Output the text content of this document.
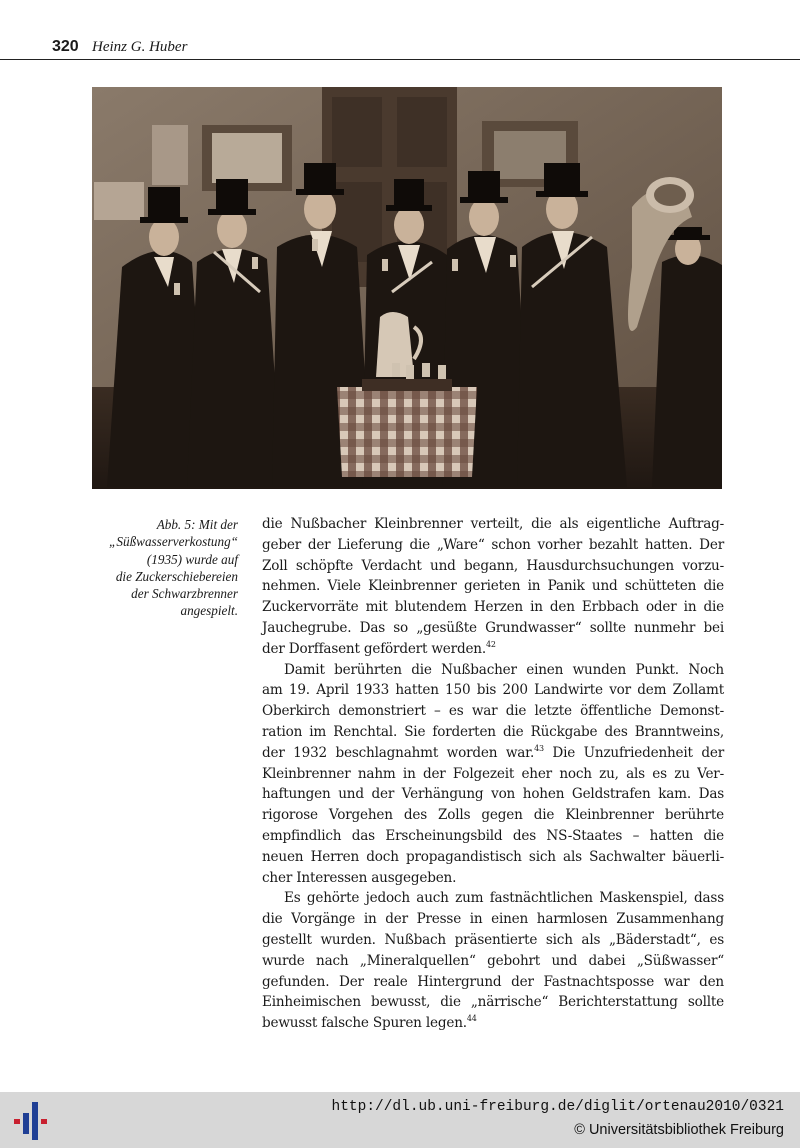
320 Heinz G. Huber
Abb. 5: Mit der
„Süßwasserverkostung“
(1935) wurde auf
die Zuckerschiebereien
der Schwarzbrenner
angespielt.
die Nußbacher Kleinbrenner verteilt, die als eigentliche Auftrag-
geber der Lieferung die „Ware“ schon vorher bezahlt hatten. Der
Zoll schöpfte Verdacht und begann, Hausdurchsuchungen vorzu-
nehmen. Viele Kleinbrenner gerieten in Panik und schütteten die
Zuckervorräte mit blutendem Herzen in den Erbbach oder in die
Jauchegrube. Das so „gesüßte Grundwasser“ sollte nunmehr bei
der Dorffasent gefördert werden.$^{42}$
Damit berührten die Nußbacher einen wunden Punkt. Noch
am 19. April 1933 hatten 150 bis 200 Landwirte vor dem Zollamt
Oberkirch demonstriert – es war die letzte öffentliche Demonst-
ration im Renchtal. Sie forderten die Rückgabe des Branntweins,
der 1932 beschlagnahmt worden war.$^{43}$ Die Unzufriedenheit der
Kleinbrenner nahm in der Folgezeit eher noch zu, als es zu Ver-
haftungen und der Verhängung von hohen Geldstrafen kam. Das
rigorose Vorgehen des Zolls gegen die Kleinbrenner berührte
empfindlich das Erscheinungsbild des NS-Staates – hatten die
neuen Herren doch propagandistisch sich als Sachwalter bäuerli-
cher Interessen ausgegeben.
Es gehörte jedoch auch zum fastnächtlichen Maskenspiel, dass
die Vorgänge in der Presse in einen harmlosen Zusammenhang
gestellt wurden. Nußbach präsentierte sich als „Bäderstadt“, es
wurde nach „Mineralquellen“ gebohrt und dabei „Süßwasser“
gefunden. Der reale Hintergrund der Fastnachtsposse war den
Einheimischen bewusst, die „närrische“ Berichterstattung sollte
bewusst falsche Spuren legen.$^{44}$
http://dl.ub.uni-freiburg.de/diglit/ortenau2010/0321
© Universitätsbibliothek Freiburg
